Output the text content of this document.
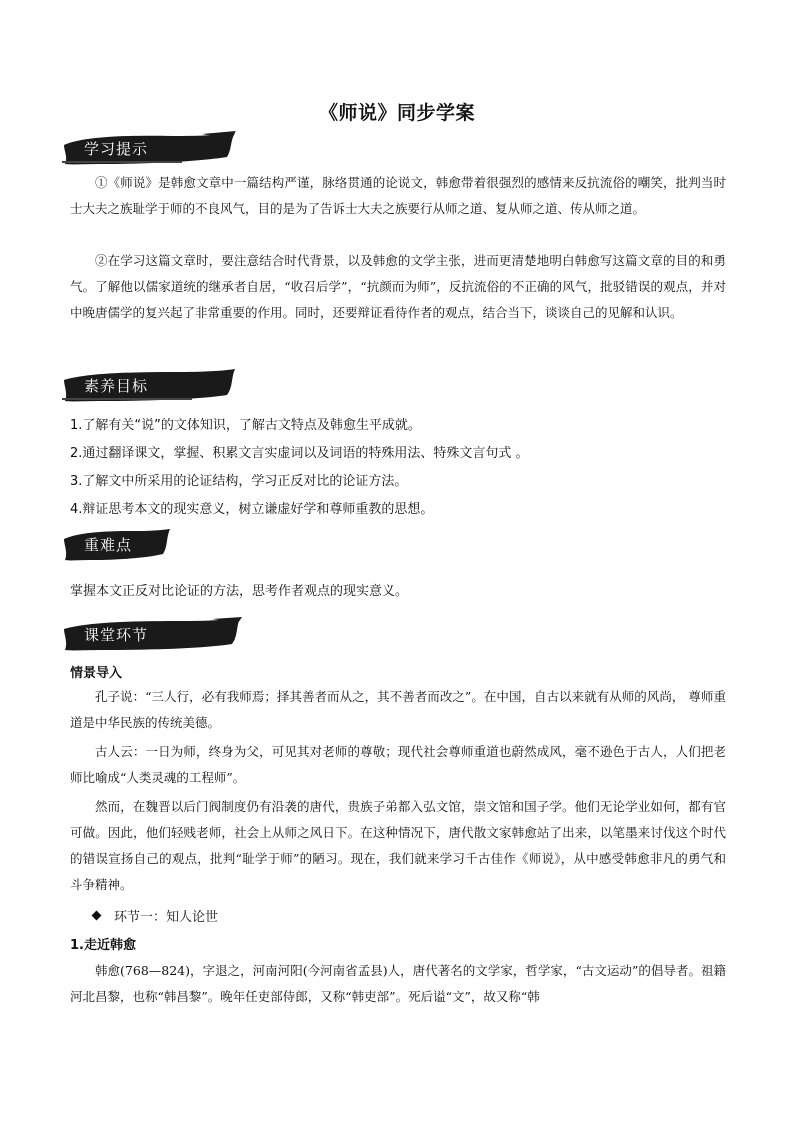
《师说》同步学案
学习提示

①《师说》是韩愈文章中一篇结构严谨，脉络贯通的论说文，韩愈带着很强烈的感情来反抗流俗的嘲笑，批判当时士大夫之族耻学于师的不良风气，目的是为了告诉士大夫之族要行从师之道、复从师之道、传从师之道。

②在学习这篇文章时，要注意结合时代背景，以及韩愈的文学主张，进而更清楚地明白韩愈写这篇文章的目的和勇气。了解他以儒家道统的继承者自居，“收召后学”，“抗颜而为师”，反抗流俗的不正确的风气，批驳错误的观点，并对中晚唐儒学的复兴起了非常重要的作用。同时，还要辩证看待作者的观点，结合当下，谈谈自己的见解和认识。

素养目标

1.了解有关“说”的文体知识，了解古文特点及韩愈生平成就。

2.通过翻译课文，掌握、积累文言实虚词以及词语的特殊用法、特殊文言句式 。

3.了解文中所采用的论证结构，学习正反对比的论证方法。

4.辩证思考本文的现实意义，树立谦虚好学和尊师重教的思想。

重难点

掌握本文正反对比论证的方法，思考作者观点的现实意义。

课堂环节

情景导入

孔子说：“三人行，必有我师焉；择其善者而从之，其不善者而改之”。在中国，自古以来就有从师的风尚， 尊师重道是中华民族的传统美德。

古人云：一日为师，终身为父，可见其对老师的尊敬；现代社会尊师重道也蔚然成风，毫不逊色于古人，人们把老师比喻成“人类灵魂的工程师”。

然而，在魏晋以后门阀制度仍有沿袭的唐代，贵族子弟都入弘文馆，崇文馆和国子学。他们无论学业如何，都有官可做。因此，他们轻贱老师，社会上从师之风日下。在这种情况下，唐代散文家韩愈站了出来，以笔墨来讨伐这个时代的错误宣扬自己的观点，批判“耻学于师”的陋习。现在，我们就来学习千古佳作《师说》，从中感受韩愈非凡的勇气和斗争精神。

环节一：知人论世

1.走近韩愈

韩愈(768—824)，字退之，河南河阳(今河南省孟县)人，唐代著名的文学家，哲学家，“古文运动”的倡导者。祖籍河北昌黎，也称“韩昌黎”。晚年任吏部侍郎，又称“韩吏部”。死后谥“文”，故又称“韩
